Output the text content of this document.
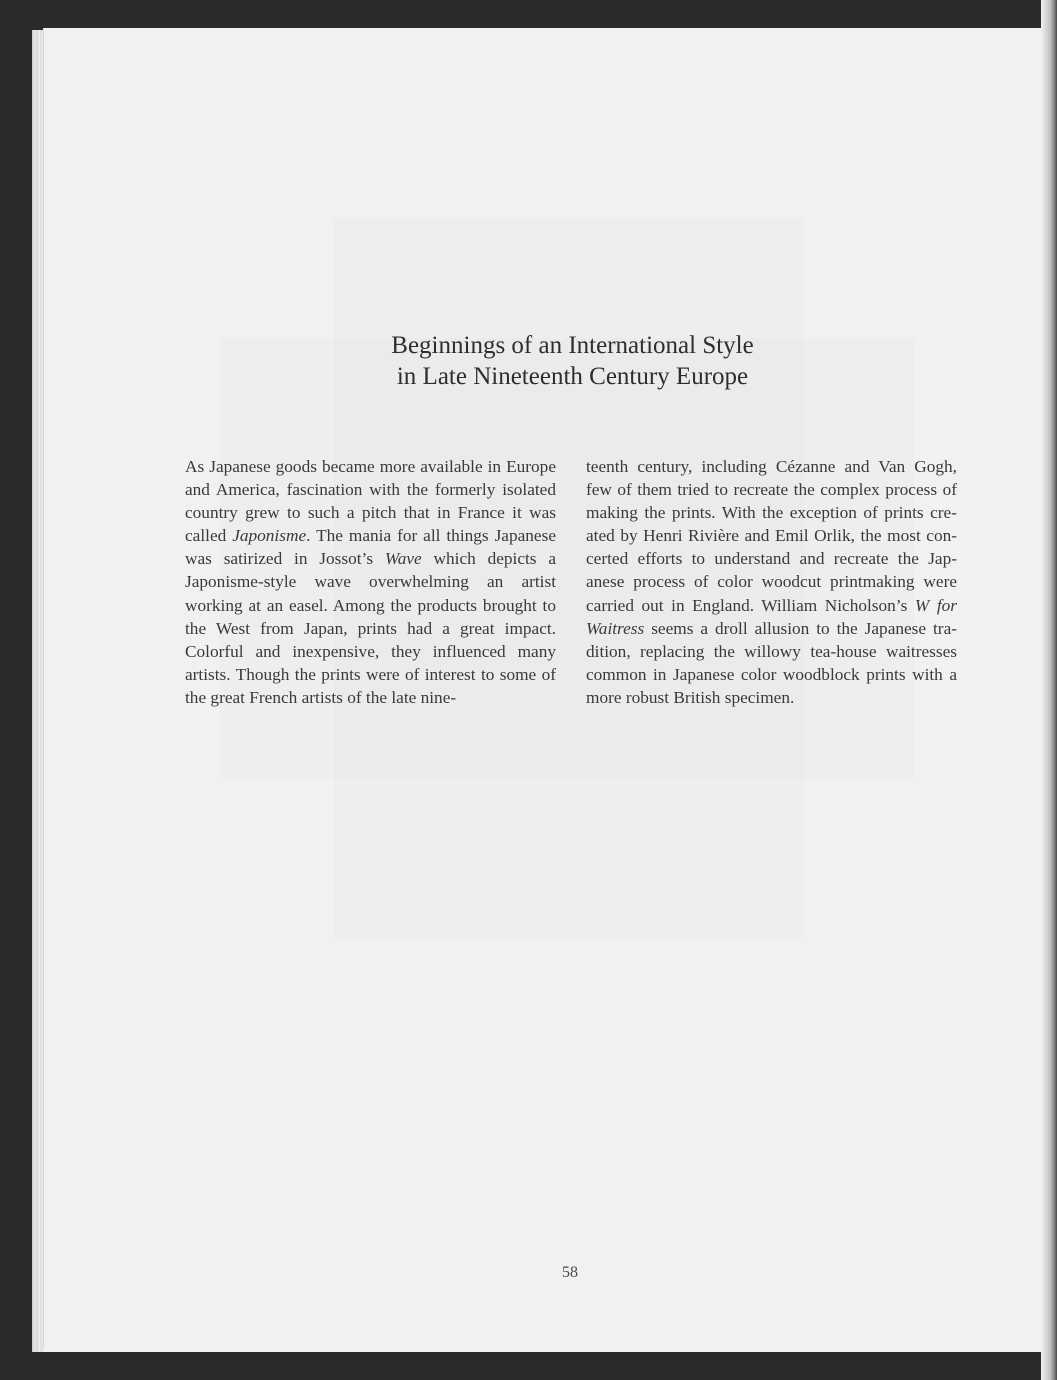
Beginnings of an International Style
in Late Nineteenth Century Europe

As Japanese goods became more available in Europe and America, fascination with the formerly isolated country grew to such a pitch that in France it was called Japonisme. The mania for all things Japanese was satirized in Jossot’s Wave which depicts a Japonisme-style wave overwhelming an artist working at an easel. Among the products brought to the West from Japan, prints had a great impact. Colorful and inexpensive, they influenced many artists. Though the prints were of interest to some of the great French artists of the late nine-

teenth century, including Cézanne and Van Gogh, few of them tried to recreate the complex process of making the prints. With the exception of prints cre-ated by Henri Rivière and Emil Orlik, the most con-certed efforts to understand and recreate the Jap-anese process of color woodcut printmaking were carried out in England. William Nicholson’s W for Waitress seems a droll allusion to the Japanese tra-dition, replacing the willowy tea-house waitresses common in Japanese color woodblock prints with a more robust British specimen.

58
